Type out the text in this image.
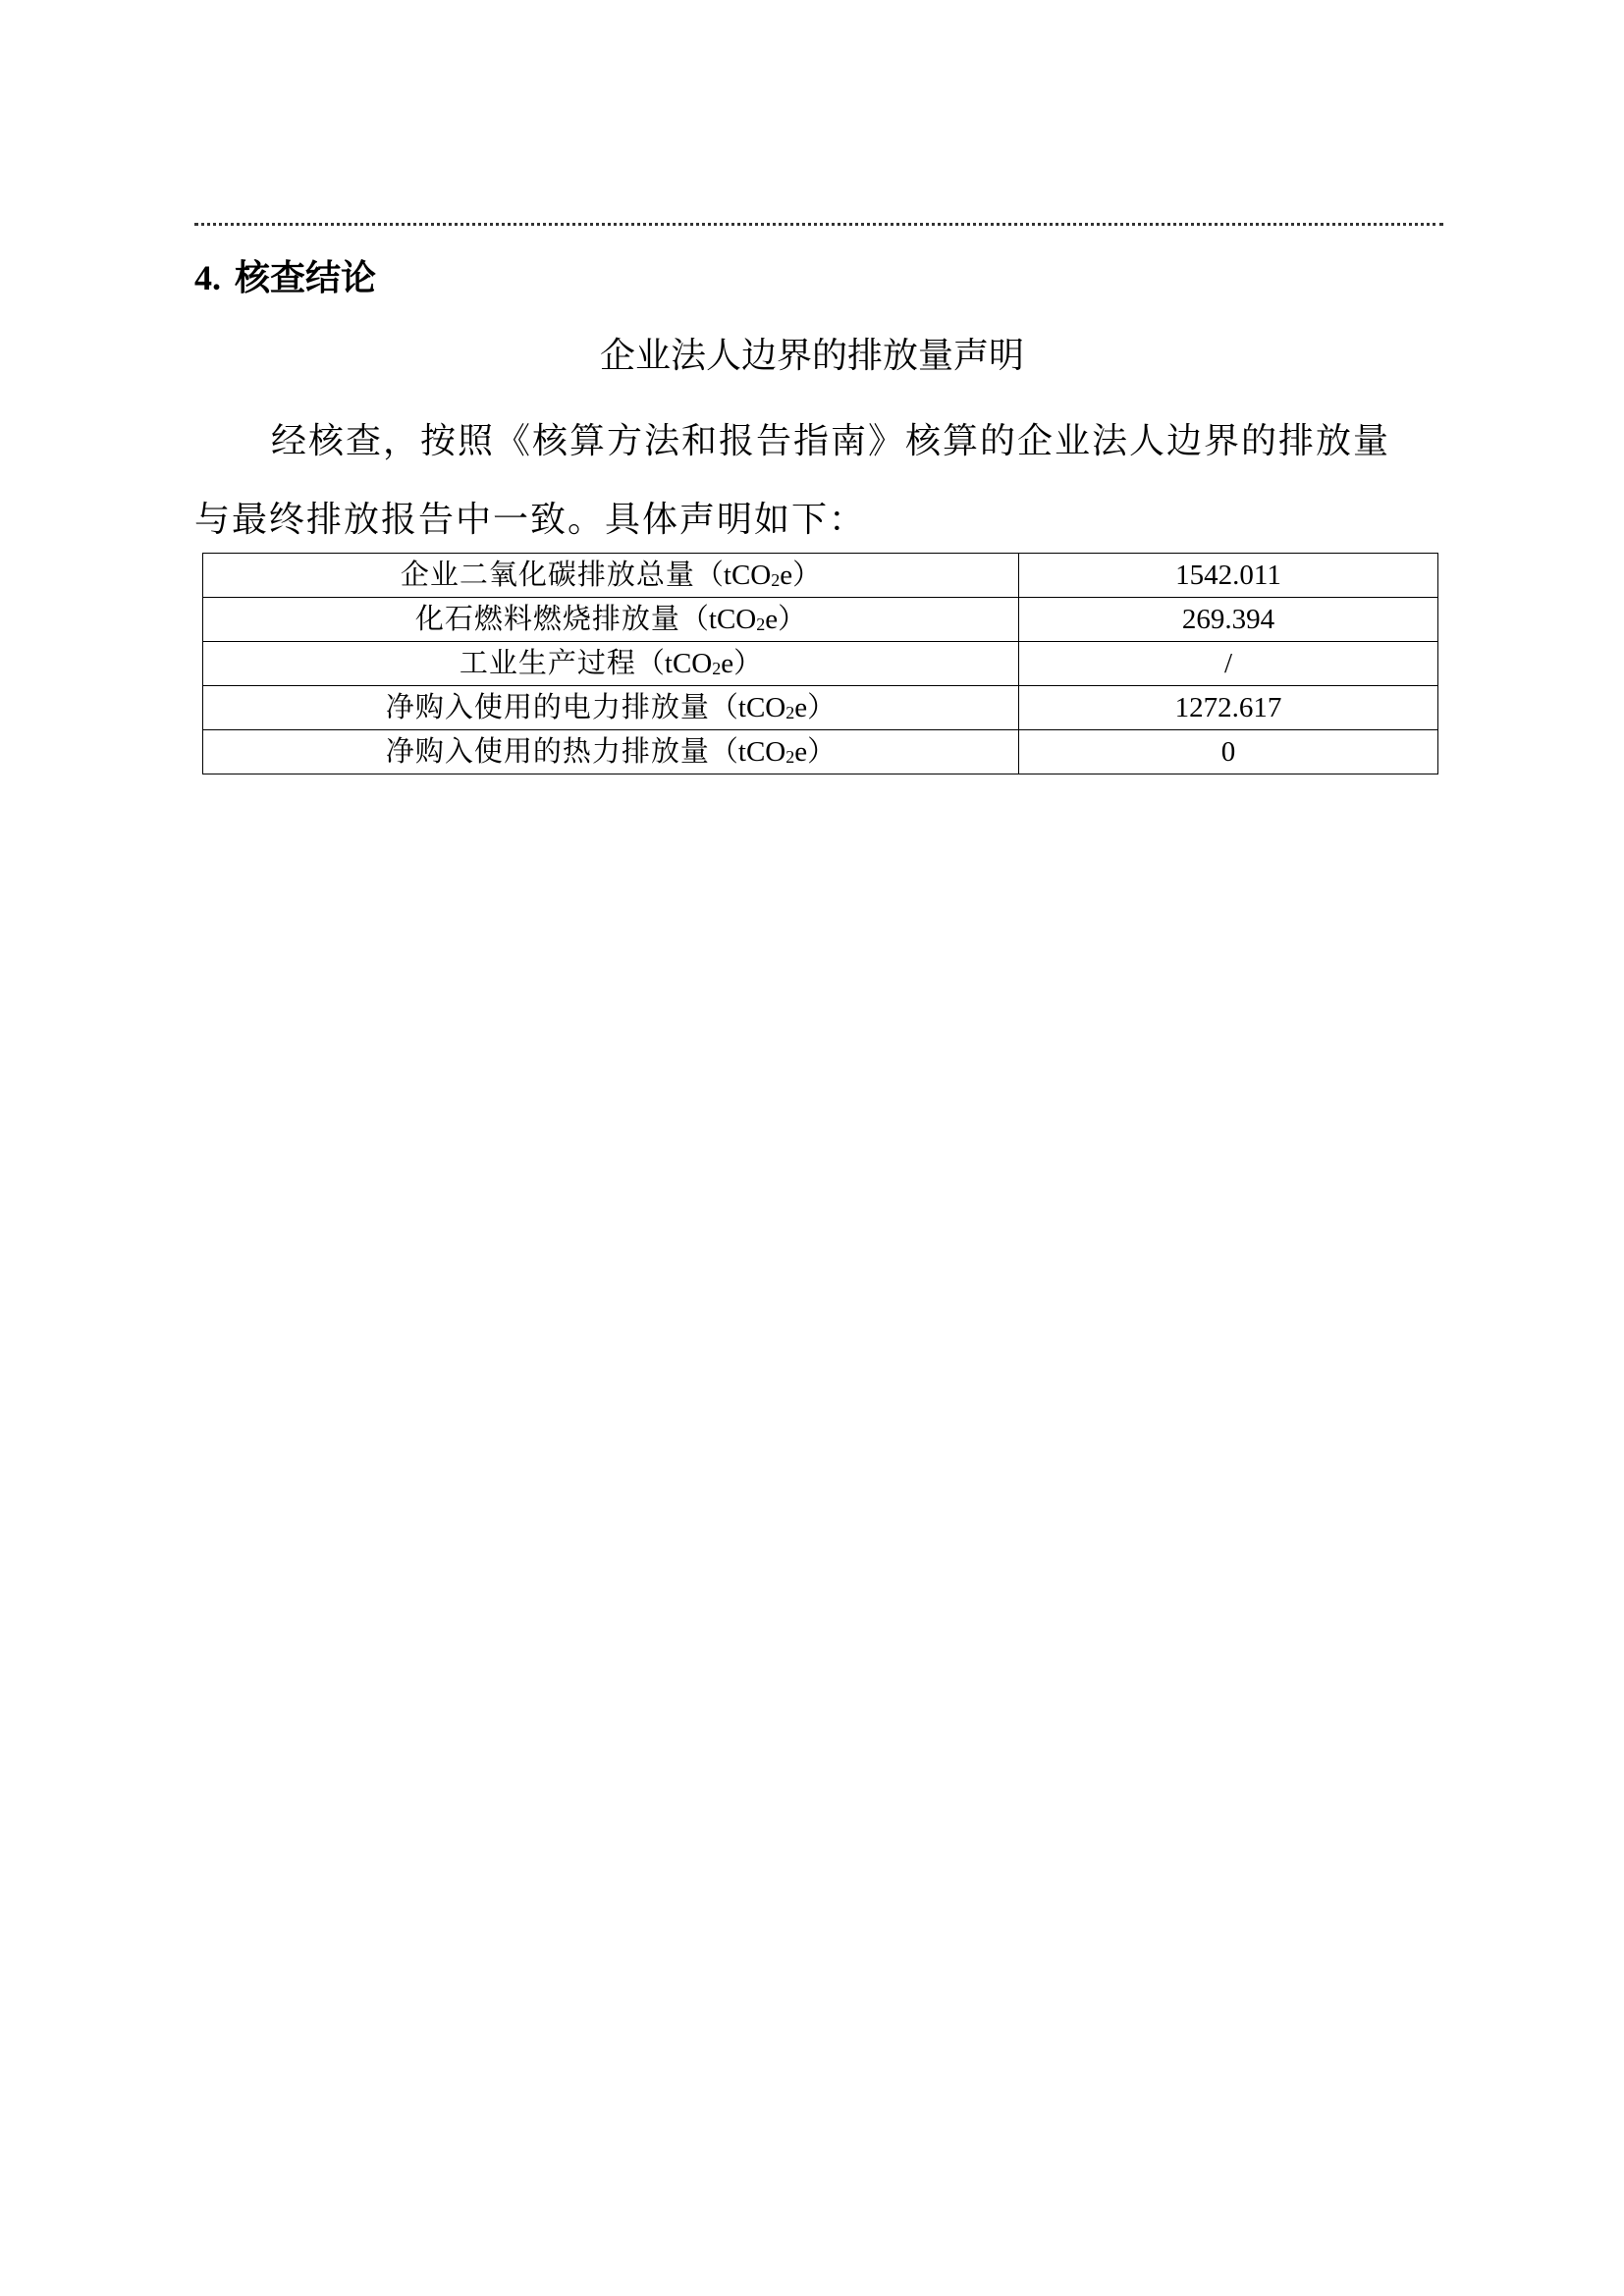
4. 核查结论
企业法人边界的排放量声明
经核查，按照《核算方法和报告指南》核算的企业法人边界的排放量
与最终排放报告中一致。具体声明如下：
企业二氧化碳排放总量（tCO$_2$e）	1542.011
化石燃料燃烧排放量（tCO$_2$e）	269.394
工业生产过程（tCO$_2$e）	/
净购入使用的电力排放量（tCO$_2$e）	1272.617
净购入使用的热力排放量（tCO$_2$e）	0
